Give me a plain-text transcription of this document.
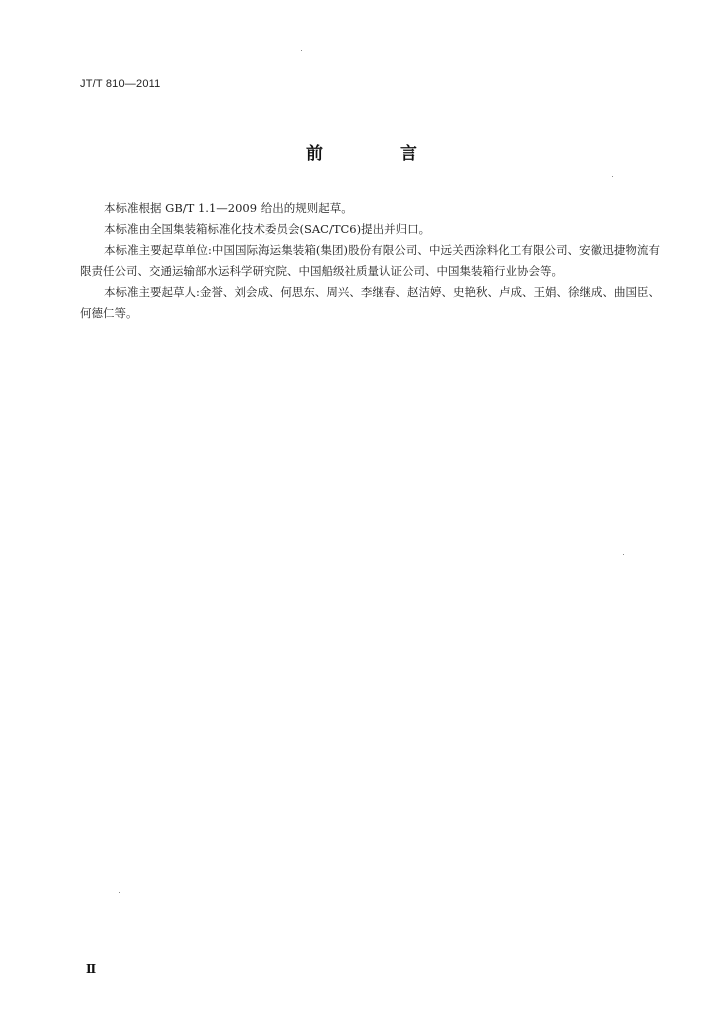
JT/T 810—2011
前　言

本标准根据 GB/T 1.1—2009 给出的规则起草。

本标准由全国集装箱标准化技术委员会(SAC/TC6)提出并归口。

本标准主要起草单位:中国国际海运集装箱(集团)股份有限公司、中远关西涂料化工有限公司、安徽迅捷物流有限责任公司、交通运输部水运科学研究院、中国船级社质量认证公司、中国集装箱行业协会等。

本标准主要起草人:金誉、刘会成、何思东、周兴、李继春、赵洁婷、史艳秋、卢成、王娟、徐继成、曲国臣、何德仁等。

Ⅱ
